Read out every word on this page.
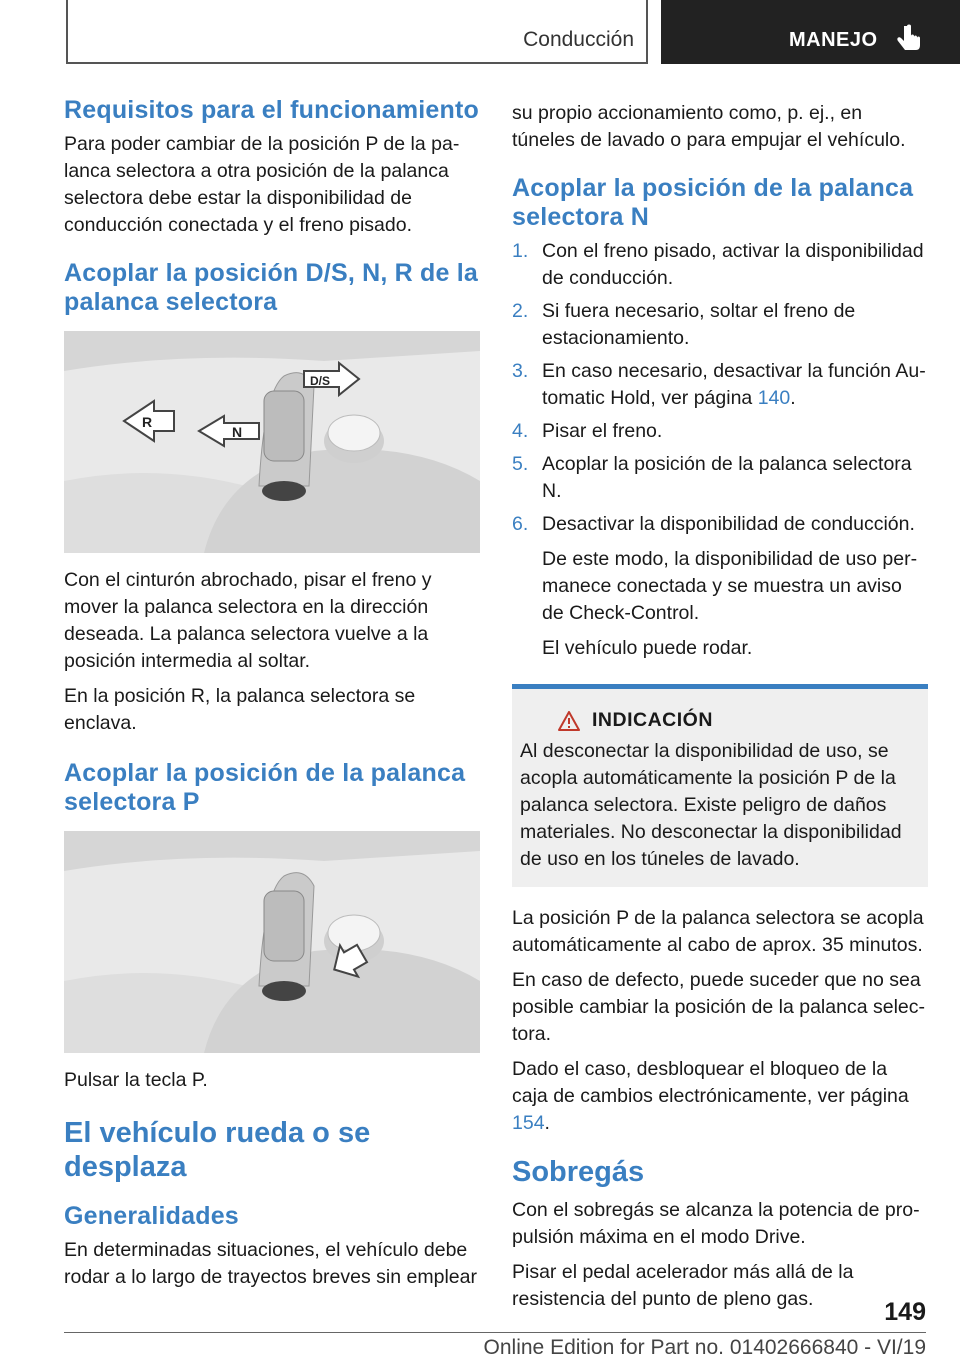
Conducción	MANEJO
Requisitos para el funcionamiento

Para poder cambiar de la posición P de la palanca selectora a otra posición de la palanca selectora debe estar la disponibilidad de conducción conectada y el freno pisado.

Acoplar la posición D/S, N, R de la palanca selectora
R
N
D/S

Con el cinturón abrochado, pisar el freno y mover la palanca selectora en la dirección deseada. La palanca selectora vuelve a la posición intermedia al soltar.

En la posición R, la palanca selectora se enclava.

Acoplar la posición de la palanca selectora P

Pulsar la tecla P.

El vehículo rueda o se desplaza
Generalidades

En determinadas situaciones, el vehículo debe rodar a lo largo de trayectos breves sin emplear

su propio accionamiento como, p. ej., en túneles de lavado o para empujar el vehículo.

Acoplar la posición de la palanca selectora N
1. Con el freno pisado, activar la disponibilidad de conducción.
2. Si fuera necesario, soltar el freno de estacionamiento.
3. En caso necesario, desactivar la función Automatic Hold, ver página 140.
4. Pisar el freno.
5. Acoplar la posición de la palanca selectora N.
6. Desactivar la disponibilidad de conducción.

De este modo, la disponibilidad de uso permanece conectada y se muestra un aviso de Check-Control.

El vehículo puede rodar.

INDICACIÓN

Al desconectar la disponibilidad de uso, se acopla automáticamente la posición P de la palanca selectora. Existe peligro de daños materiales. No desconectar la disponibilidad de uso en los túneles de lavado.

La posición P de la palanca selectora se acopla automáticamente al cabo de aprox. 35 minutos.

En caso de defecto, puede suceder que no sea posible cambiar la posición de la palanca selectora.

Dado el caso, desbloquear el bloqueo de la caja de cambios electrónicamente, ver página 154.

Sobregás

Con el sobregás se alcanza la potencia de propulsión máxima en el modo Drive.

Pisar el pedal acelerador más allá de la resistencia del punto de pleno gas.	149
Online Edition for Part no. 01402666840 - VI/19
